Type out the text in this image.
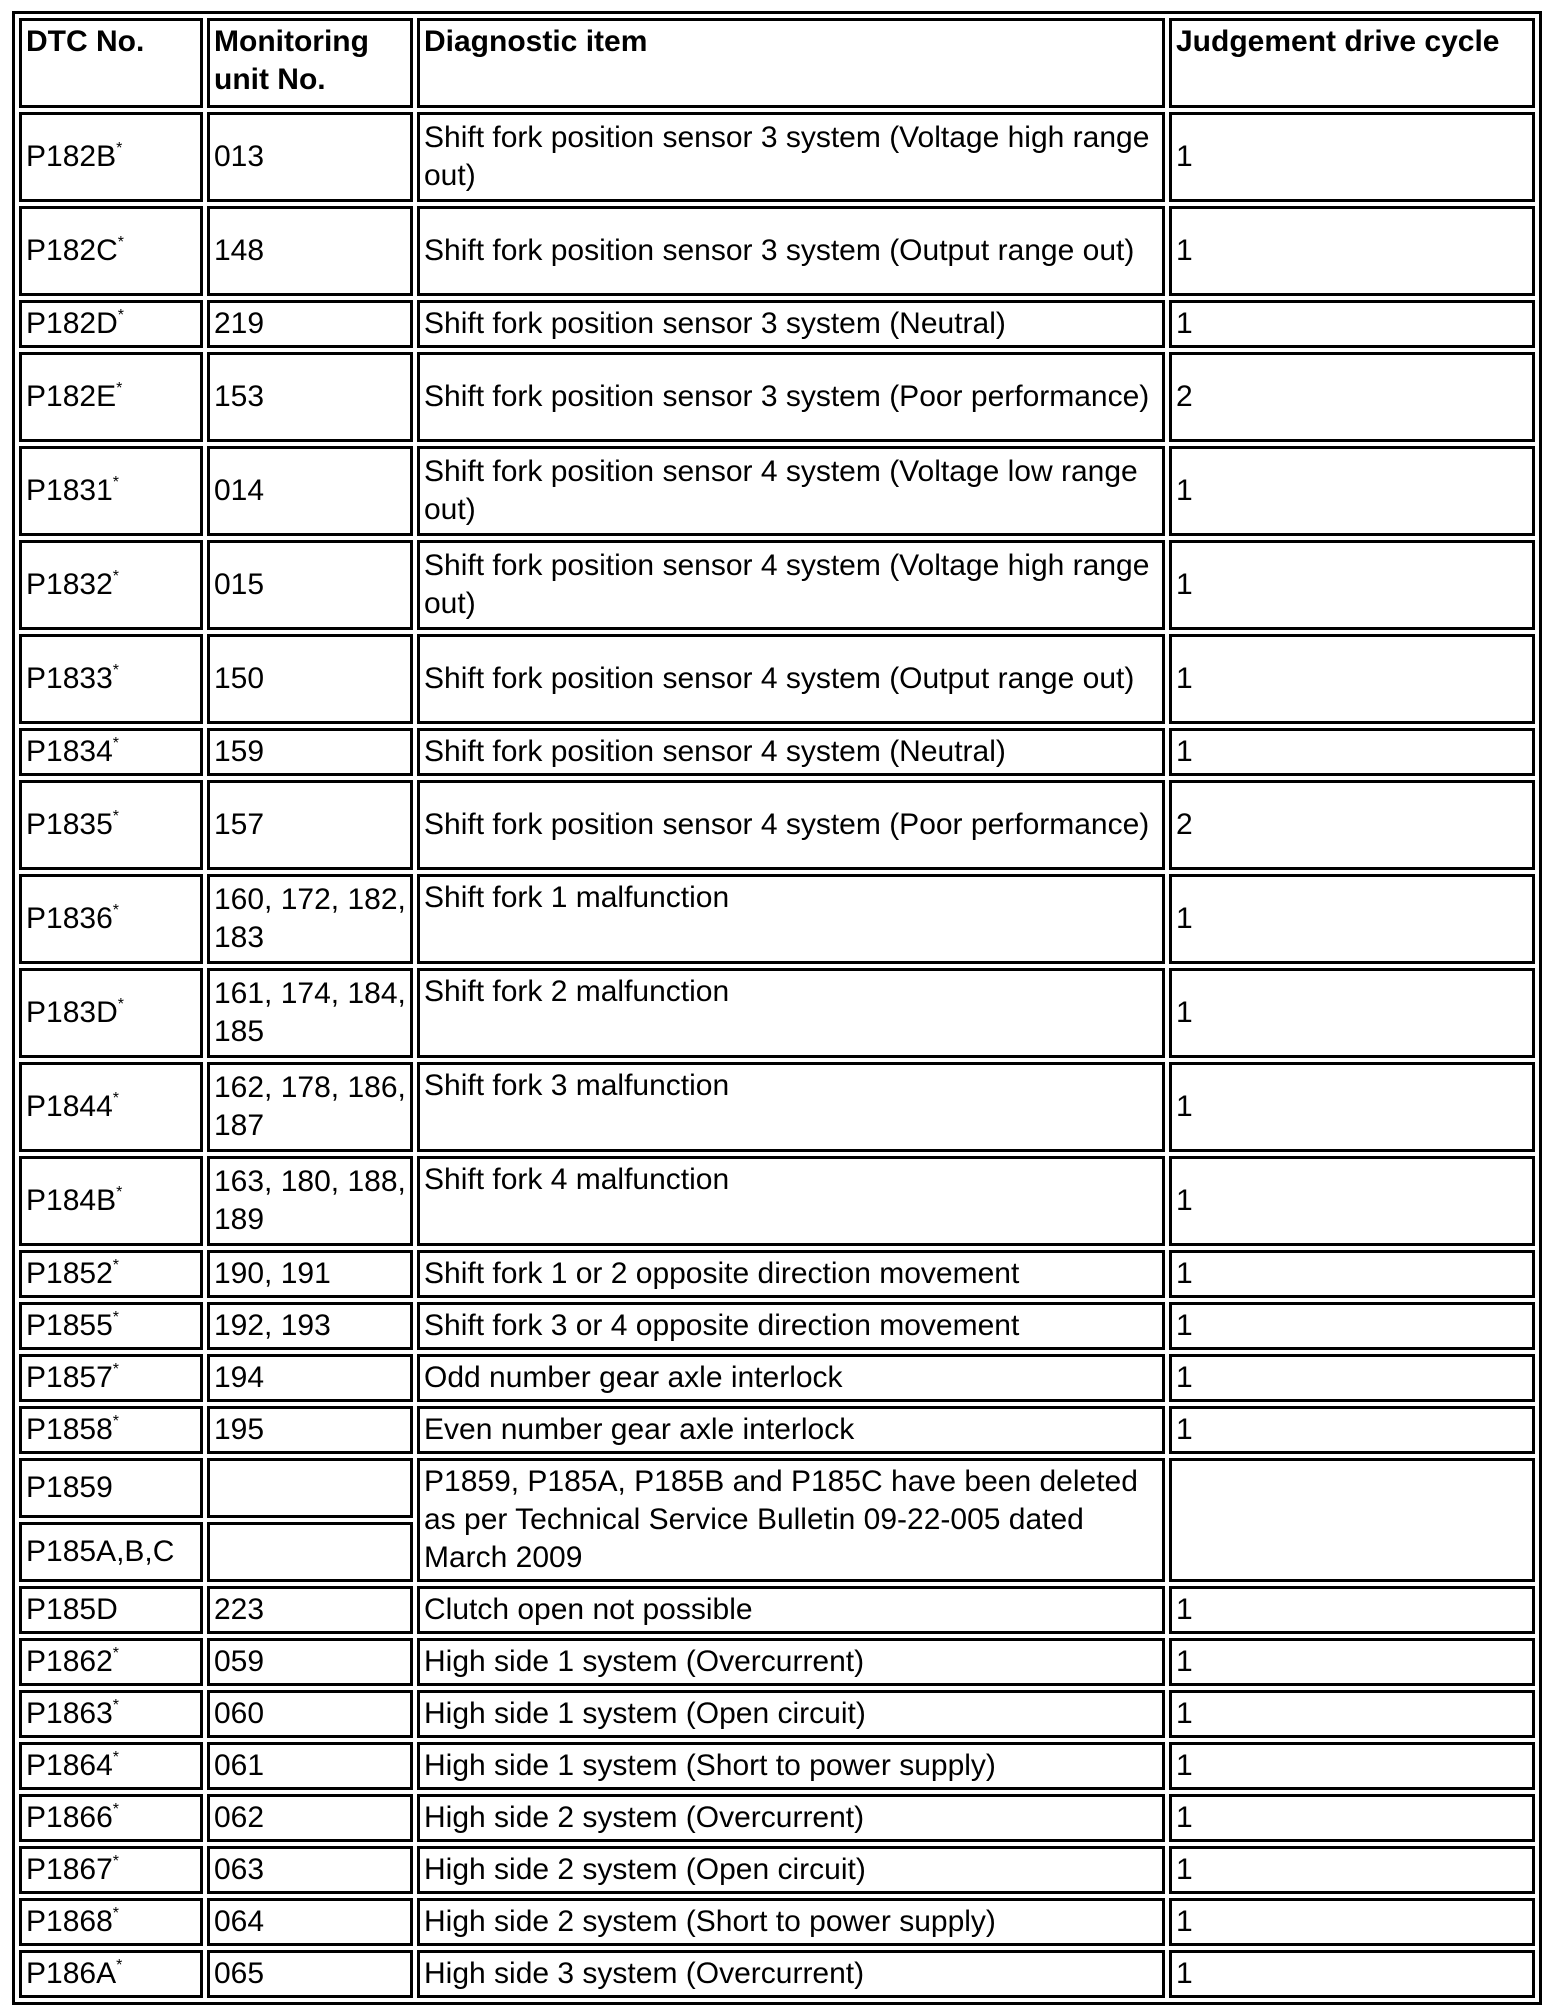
DTC No.	Monitoring unit No.	Diagnostic item	Judgement drive cycle
P182B*	013	Shift fork position sensor 3 system (Voltage high range out)	1
P182C*	148	Shift fork position sensor 3 system (Output range out)	1
P182D*	219	Shift fork position sensor 3 system (Neutral)	1
P182E*	153	Shift fork position sensor 3 system (Poor performance)	2
P1831*	014	Shift fork position sensor 4 system (Voltage low range out)	1
P1832*	015	Shift fork position sensor 4 system (Voltage high range out)	1
P1833*	150	Shift fork position sensor 4 system (Output range out)	1
P1834*	159	Shift fork position sensor 4 system (Neutral)	1
P1835*	157	Shift fork position sensor 4 system (Poor performance)	2
P1836*	160, 172, 182, 183	Shift fork 1 malfunction	1
P183D*	161, 174, 184, 185	Shift fork 2 malfunction	1
P1844*	162, 178, 186, 187	Shift fork 3 malfunction	1
P184B*	163, 180, 188, 189	Shift fork 4 malfunction	1
P1852*	190, 191	Shift fork 1 or 2 opposite direction movement	1
P1855*	192, 193	Shift fork 3 or 4 opposite direction movement	1
P1857*	194	Odd number gear axle interlock	1
P1858*	195	Even number gear axle interlock	1
P1859		P1859, P185A, P185B and P185C have been deleted as per Technical Service Bulletin 09-22-005 dated March 2009	
P185A,B,C			
P185D	223	Clutch open not possible	1
P1862*	059	High side 1 system (Overcurrent)	1
P1863*	060	High side 1 system (Open circuit)	1
P1864*	061	High side 1 system (Short to power supply)	1
P1866*	062	High side 2 system (Overcurrent)	1
P1867*	063	High side 2 system (Open circuit)	1
P1868*	064	High side 2 system (Short to power supply)	1
P186A*	065	High side 3 system (Overcurrent)	1
